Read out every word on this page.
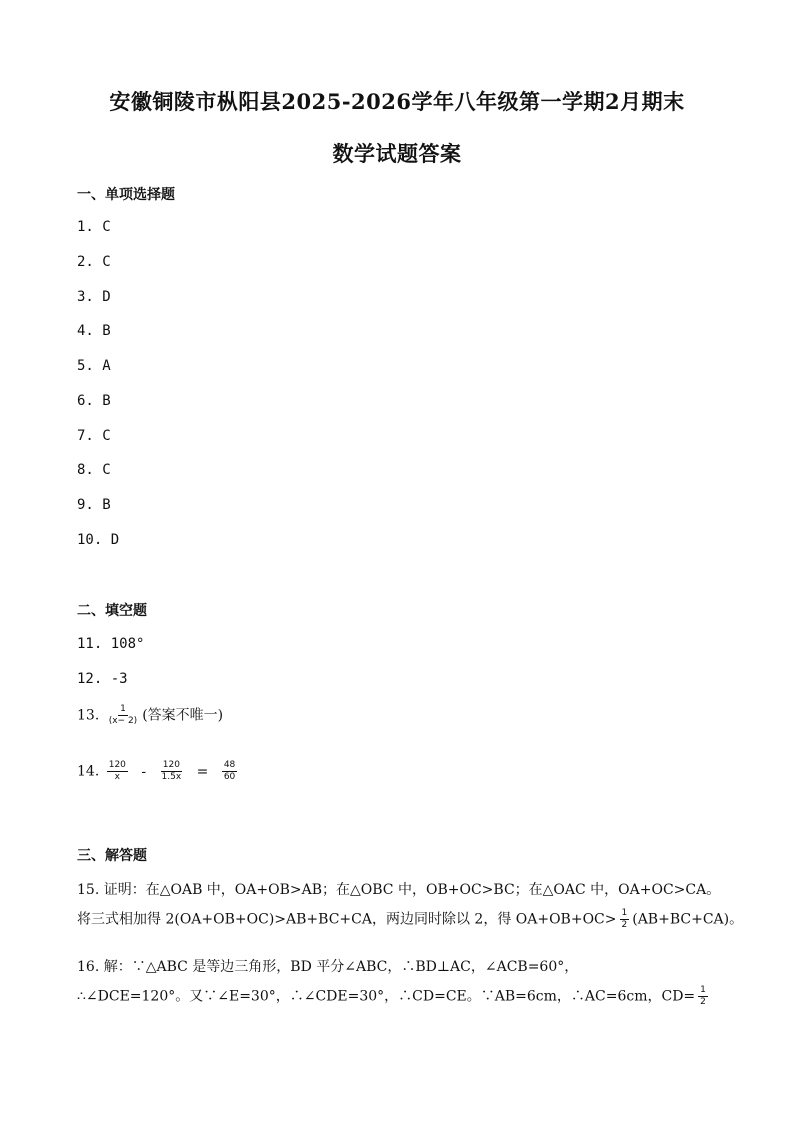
安徽铜陵市枞阳县2025-2026学年八年级第一学期2月期末
数学试题答案
一、单项选择题
1. C
2. C
3. D
4. B
5. A
6. B
7. C
8. C
9. B
10. D
二、填空题
11. 108°
12. -3
13. $\frac{1}{(x- 2)}$ (答案不唯一)
14. $\frac{120}{x} - \frac{120}{1.5x} = \frac{48}{60}$
三、解答题
15. 证明：在△OAB 中，OA+OB>AB；在△OBC 中，OB+OC>BC；在△OAC 中，OA+OC>CA。
将三式相加得 2(OA+OB+OC)>AB+BC+CA，两边同时除以 2，得 $OA+OB+OC> \frac{1}{2} (AB+BC+CA)$。
16. 解：∵△ABC 是等边三角形，BD 平分∠ABC，∴BD⊥AC，∠ACB=60°，
∴∠DCE=120°。又∵∠E=30°，∴∠CDE=30°，∴CD=CE。∵AB=6cm，∴AC=6cm，$CD= \frac{1}{2}$
